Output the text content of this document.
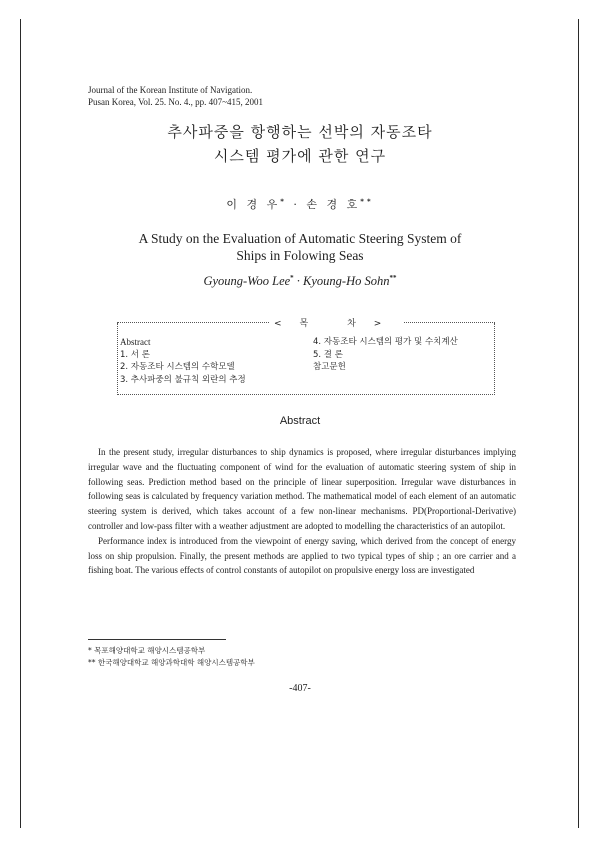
Journal of the Korean Institute of Navigation.
Pusan Korea, Vol. 25. No. 4., pp. 407~415, 2001
추사파중을 항행하는 선박의 자동조타
시스템 평가에 관한 연구
이 경 우* · 손 경 호**
A Study on the Evaluation of Automatic Steering System of
Ships in Folowing Seas
Gyoung-Woo Lee* · Kyoung-Ho Sohn**
<목 차>
Abstract
1. 서 론
2. 자동조타 시스템의 수학모델
3. 추사파중의 불규칙 외란의 추정
4. 자동조타 시스템의 평가 및 수치계산
5. 결 론
참고문헌
Abstract

In the present study, irregular disturbances to ship dynamics is proposed, where irregular disturbances implying irregular wave and the fluctuating component of wind for the evaluation of automatic steering system of ship in following seas. Prediction method based on the principle of linear superposition. Irregular wave disturbances in following seas is calculated by frequency variation method. The mathematical model of each element of an automatic steering system is derived, which takes account of a few non-linear mechanisms. PD(Proportional-Derivative) controller and low-pass filter with a weather adjustment are adopted to modelling the characteristics of an autopilot.

Performance index is introduced from the viewpoint of energy saving, which derived from the concept of energy loss on ship propulsion. Finally, the present methods are applied to two typical types of ship ; an ore carrier and a fishing boat. The various effects of control constants of autopilot on propulsive energy loss are investigated

* 목포해양대학교 해양시스템공학부
** 한국해양대학교 해양과학대학 해양시스템공학부
-407-
